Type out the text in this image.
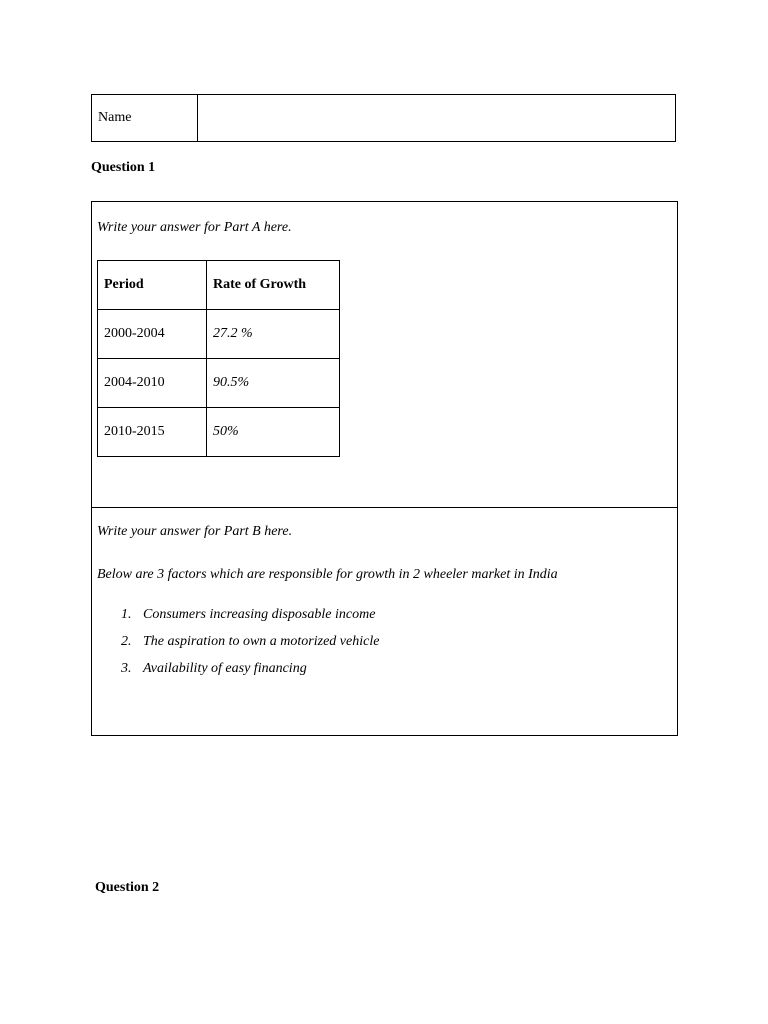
Name
Question 1
Write your answer for Part A here.
Period	Rate of Growth
2000-2004	27.2 %
2004-2010	90.5%
2010-2015	50%
Write your answer for Part B here.
Below are 3 factors which are responsible for growth in 2 wheeler market in India
1. Consumers increasing disposable income
2. The aspiration to own a motorized vehicle
3. Availability of easy financing
Question 2
